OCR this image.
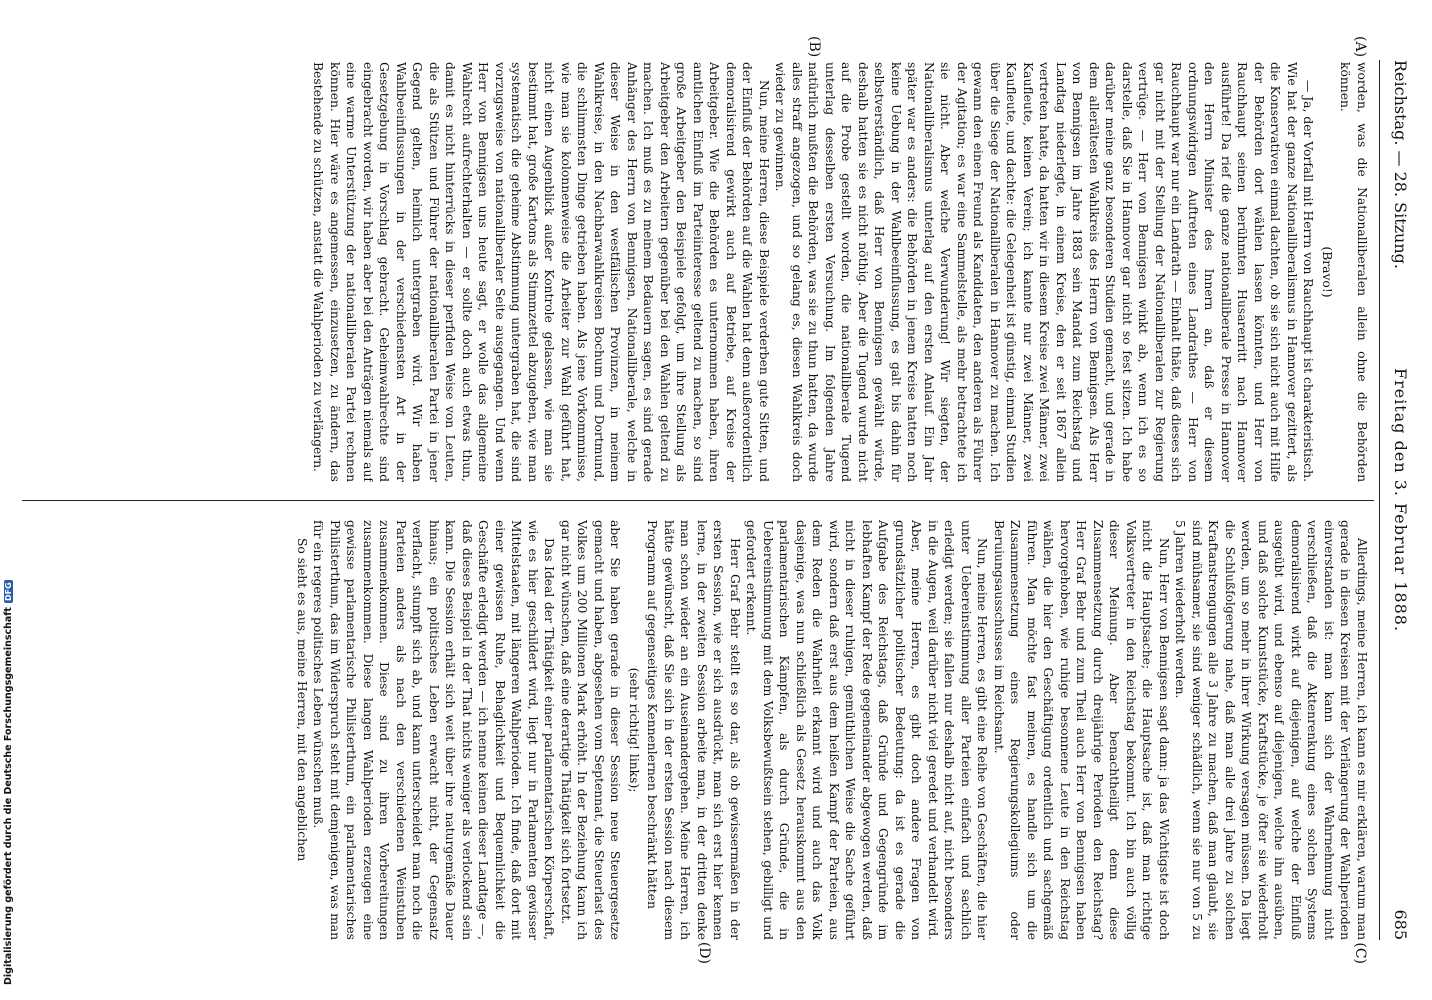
Reichstag. — 28. Sitzung.
Freitag den 3. Februar 1888.
685
(A)
(B)
(C)
(D)

worden, was die Nationalliberalen allein ohne die Behörden können.

(Bravo!)

— Ja, der Vorfall mit Herrn von Rauchhaupt ist charakteristisch. Wie hat der ganze Nationalliberalismus in Hannover gezittert, als die Konservativen einmal dachten, ob sie sich nicht auch mit Hilfe der Behörden dort wählen lassen könnten, und Herr von Rauchhaupt seinen berühmten Husarenritt nach Hannover ausführte! Da rief die ganze nationalliberale Presse in Hannover den Herrn Minister des Innern an, daß er diesem ordnungswidrigen Auftreten eines Landrathes — Herr von Rauchhaupt war nur ein Landrath — Einhalt thäte, daß dieses sich gar nicht mit der Stellung der Nationalliberalen zur Regierung vertrüge. — Herr von Bennigsen winkt ab, wenn ich es so darstelle, daß Sie in Hannover gar nicht so fest sitzen. Ich habe darüber meine ganz besonderen Studien gemacht, und gerade in dem allerältesten Wahlkreis des Herrn von Bennigsen. Als Herr von Bennigsen im Jahre 1883 sein Mandat zum Reichstag und Landtag niederlegte, in einem Kreise, den er seit 1867 allein vertreten hatte, da hatten wir in diesem Kreise zwei Männer, zwei Kaufleute, keinen Verein; ich kannte nur zwei Männer, zwei Kaufleute, und dachte: die Gelegenheit ist günstig, einmal Studien über die Siege der Nationalliberalen in Hannover zu machen. Ich gewann den einen Freund als Kandidaten, den anderen als Führer der Agitation; es war eine Sammelstelle, als mehr betrachtete ich sie nicht. Aber welche Verwunderung! Wir siegten, der Nationalliberalismus unterlag auf den ersten Anlauf. Ein Jahr später war es anders: die Behörden in jenem Kreise hatten noch keine Uebung in der Wahlbeeinflussung, es galt bis dahin für selbstverständlich, daß Herr von Bennigsen gewählt würde, deshalb hatten sie es nicht nöthig. Aber die Tugend wurde nicht auf die Probe gestellt worden, die nationalliberale Tugend unterlag desselben ersten Versuchung. Im folgenden Jahre natürlich mußten die Behörden, was sie zu thun hatten, da wurde alles straff angezogen, und so gelang es, diesen Wahlkreis doch wieder zu gewinnen.

Nun, meine Herren, diese Beispiele verderben gute Sitten, und der Einfluß der Behörden auf die Wahlen hat denn außerordentlich demoralisirend gewirkt auch auf Betriebe, auf Kreise der Arbeitgeber. Wie die Behörden es unternommen haben, ihren amtlichen Einfluß im Parteiinteresse geltend zu machen, so sind große Arbeitgeber den Beispiele gefolgt, um ihre Stellung als Arbeitgeber den Arbeitern gegenüber bei den Wahlen geltend zu machen. Ich muß es zu meinem Bedauern sagen, es sind gerade Anhänger des Herrn von Bennigsen, Nationalliberale, welche in dieser Weise in den westfälischen Provinzen, in meinem Wahlkreise, in den Nachbarwahlkreisen Bochum und Dortmund, die schlimmsten Dinge getrieben haben. Als jene Vorkommnisse, wie man sie kolonnenweise die Arbeiter zur Wahl geführt hat, nicht einen Augenblick außer Kontrole gelassen, wie man sie bestimmt hat, große Kartons als Stimmzettel abzugeben, wie man systematisch die geheime Abstimmung untergraben hat, die sind vorzugsweise von nationalliberaler Seite ausgegangen. Und wenn Herr von Bennigsen uns heute sagt, er wolle das allgemeine Wahlrecht aufrechterhalten — er sollte doch auch etwas thun, damit es nicht hinterrücks in dieser perfiden Weise von Leuten, die als Stützen und Führer der nationalliberalen Partei in jener Gegend gelten, heimlich untergraben wird. Wir haben Wahlbeeinflussungen in der verschiedensten Art in der Gesetzgebung in Vorschlag gebracht. Geheimwahlrechte sind eingebracht worden, wir haben aber bei den Anträgen niemals auf eine warme Unterstützung der nationalliberalen Partei rechnen können. Hier wäre es angemessen, einzusetzen, zu ändern, das Bestehende zu schützen, anstatt die Wahlperioden zu verlängern.

Allerdings, meine Herren, ich kann es mir erklären, warum man gerade in diesen Kreisen mit der Verlängerung der Wahlperioden einverstanden ist: man kann sich der Wahrnehmung nicht verschließen, daß die Aktenrenkung eines solchen Systems demoralisirend wirkt auf diejenigen, auf welche der Einfluß ausgeübt wird, und ebenso auf diejenigen, welche ihn ausüben, und daß solche Kunststücke, Kraftstücke, je öfter sie wiederholt werden, um so mehr in ihrer Wirkung versagen müssen. Da liegt die Schlußfolgerung nahe, daß man alle drei Jahre zu solchen Kraftanstrengungen alle 3 Jahre zu machen, daß man glaubt, sie sind mühsamer, sie sind weniger schädlich, wenn sie nur von 5 zu 5 Jahren wiederholt werden.

Nun, Herr von Bennigsen sagt dann: ja das Wichtigste ist doch nicht die Hauptsache; die Hauptsache ist, daß man richtige Volksvertreter in den Reichstag bekommt. Ich bin auch völlig dieser Meinung. Aber benachtheiligt denn diese Zusammensetzung durch dreijährige Perioden den Reichstag? Herr Graf Behr und zum Theil auch Herr von Bennigsen haben hervorgehoben, wie ruhige besonnene Leute in den Reichstag wählen, die hier den Geschäftigung ordentlich und sachgemäß führen. Man möchte fast meinen, es handle sich um die Zusammensetzung eines Regierungskollegiums oder Beruiungsausschusses im Reichsamt.

Nun, meine Herren, es gibt eine Reihe von Geschäften, die hier unter Uebereinstimmung aller Parteien einfach und sachlich erledigt werden; sie fallen nur deshalb nicht auf, nicht besonders in die Augen, weil darüber nicht viel geredet und verhandelt wird. Aber, meine Herren, es gibt doch andere Fragen von grundsätzlicher politischer Bedeutung: da ist es gerade die Aufgabe des Reichstags, daß Gründe und Gegengründe im lebhaften Kampf der Rede gegeneinander abgewogen werden, daß nicht in dieser ruhigen, gemüthlichen Weise die Sache geführt wird, sondern daß erst aus dem heißen Kampf der Parteien, aus dem Reden die Wahrheit erkannt wird und auch das Volk dasjenige, was nun schließlich als Gesetz herauskommt aus den parlamentarischen Kämpfen, als durch Gründe, die in Uebereinstimmung mit dem Volksbewußtsein stehen, gebilligt und gefordert erkennt.

Herr Graf Behr stellt es so dar, als ob gewissermaßen in der ersten Session, wie er sich ausdrückt, man sich erst hier kennen lerne, in der zweiten Session arbeite man, in der dritten denke man schon wieder an ein Auseinandergehen. Meine Herren, ich hätte gewünscht, daß Sie sich in der ersten Session nach diesem Programm auf gegenseitiges Kennenlernen beschränkt hätten

(sehr richtig! links);

aber Sie haben gerade in dieser Session neue Steuergesetze gemacht und haben, abgesehen vom Septennat, die Steuerlast des Volkes um 200 Millionen Mark erhöht. In der Beziehung kann ich gar nicht wünschen, daß eine derartige Thätigkeit sich fortsetzt.

Das Ideal der Thätigkeit einer parlamentarischen Körperschaft, wie es hier geschildert wird, liegt nur in Parlamenten gewisser Mittelstaaten, mit längeren Wahlperioden. Ich finde, daß dort mit einer gewissen Ruhe, Behaglichkeit und Bequemlichkeit die Geschäfte erledigt werden — ich nenne keinen dieser Landtage —, daß dieses Beispiel in der That nichts weniger als verlockend sein kann. Die Session erhält sich weit über ihre naturgemäße Dauer hinaus; ein politisches Leben erwacht nicht, der Gegensatz verflacht, stumpft sich ab, und kann unterscheidet man noch die Parteien anders als nach den verschiedenen Weinstuben zusammenkommen. Diese sind zu ihren Vorbereitungen zusammenkommen. Diese langen Wahlperioden erzeugen eine gewisse parlamentarische Philisterthum, ein parlamentarisches Philisterthum, das im Widerspruch steht mit demjenigen, was man für ein regeres politisches Leben wünschen muß.

So sieht es aus, meine Herren, mit den angeblichen

Digitalisierung gefördert durch die Deutsche ForschungsgemeinschaftDFG
